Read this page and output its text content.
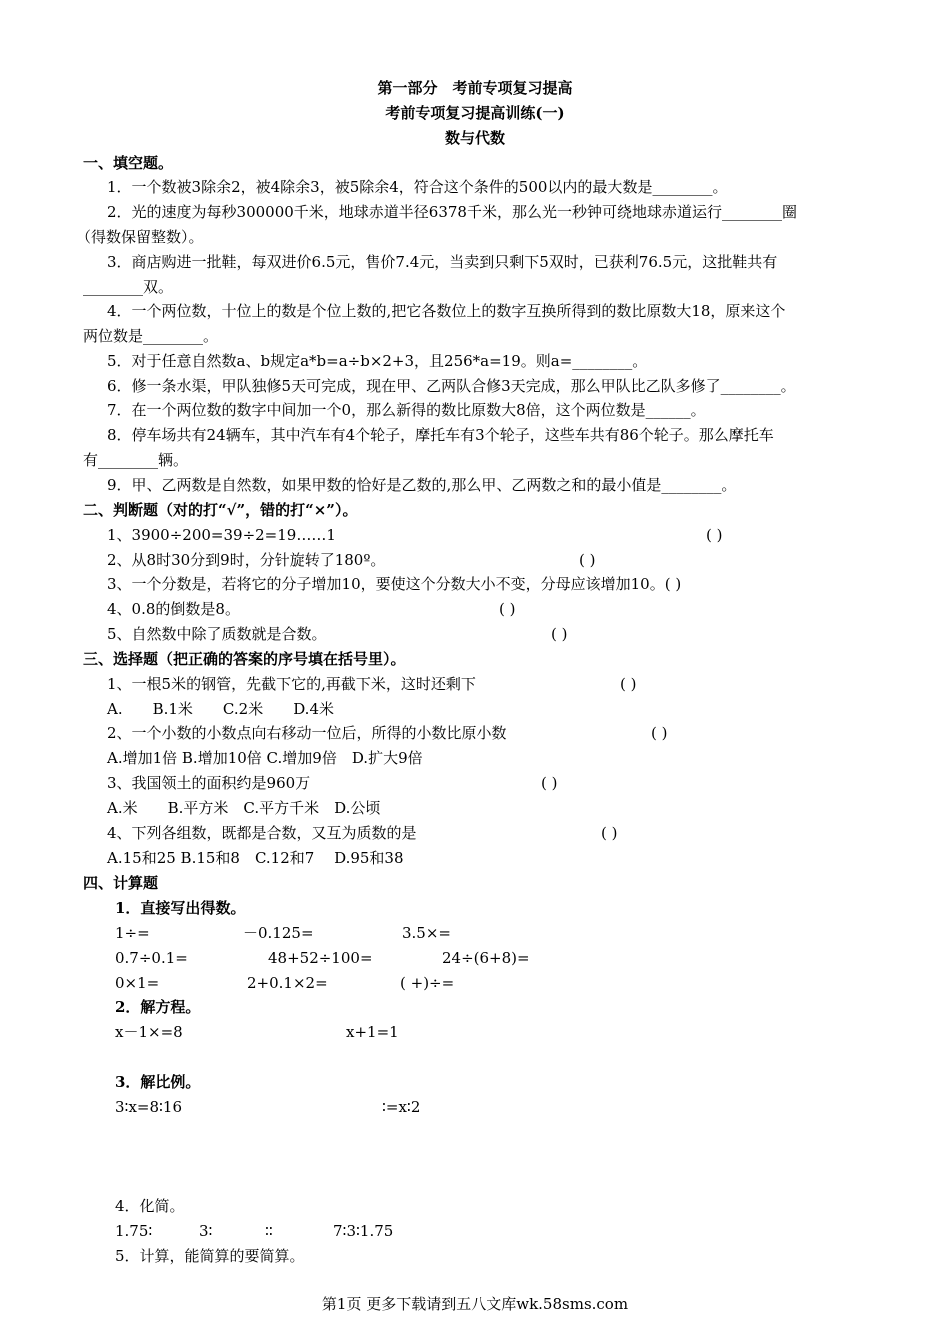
第一部分　考前专项复习提高
考前专项复习提高训练(一)
数与代数
一、填空题。
1．一个数被3除余2，被4除余3，被5除余4，符合这个条件的500以内的最大数是________。
2．光的速度为每秒300000千米，地球赤道半径6378千米，那么光一秒钟可绕地球赤道运行________圈
（得数保留整数）。
3．商店购进一批鞋，每双进价6.5元，售价7.4元，当卖到只剩下5双时，已获利76.5元，这批鞋共有
________双。
4．一个两位数，十位上的数是个位上数的,把它各数位上的数字互换所得到的数比原数大18，原来这个
两位数是________。
5．对于任意自然数a、b规定a*b=a÷b×2+3，且256*a=19。则a=________。
6．修一条水渠，甲队独修5天可完成，现在甲、乙两队合修3天完成，那么甲队比乙队多修了________。
7．在一个两位数的数字中间加一个0，那么新得的数比原数大8倍，这个两位数是______。
8．停车场共有24辆车，其中汽车有4个轮子，摩托车有3个轮子，这些车共有86个轮子。那么摩托车
有________辆。
9．甲、乙两数是自然数，如果甲数的恰好是乙数的,那么甲、乙两数之和的最小值是________。
二、判断题（对的打“√”，错的打“×”）。
1、3900÷200=39÷2=19……1	( )
2、从8时30分到9时，分针旋转了180º。	( )
3、一个分数是，若将它的分子增加10，要使这个分数大小不变，分母应该增加10。( )
4、0.8的倒数是8。	( )
5、自然数中除了质数就是合数。	( )
三、选择题（把正确的答案的序号填在括号里）。
1、一根5米的钢管，先截下它的,再截下米，这时还剩下	( )
A.　　B.1米　　C.2米　　D.4米
2、一个小数的小数点向右移动一位后，所得的小数比原小数	( )
A.增加1倍 B.增加10倍 C.增加9倍　D.扩大9倍
3、我国领土的面积约是960万	( )
A.米　　B.平方米　C.平方千米　D.公顷
4、下列各组数，既都是合数，又互为质数的是	( )
A.15和25 B.15和8　C.12和7　 D.95和38
四、计算题
1．直接写出得数。
1÷=	－0.125=	3.5×=
0.7÷0.1=	48+52÷100=	24÷(6+8)=
0×1=	2+0.1×2=	( +)÷=
2．解方程。
x－1×=8	x+1=1
3．解比例。
3∶x=8∶16	∶=x∶2
4．化简。
1.75∶	3∶	∶∶	7∶3∶1.75
5．计算，能简算的要简算。
第1页 更多下载请到五八文库wk.58sms.com
